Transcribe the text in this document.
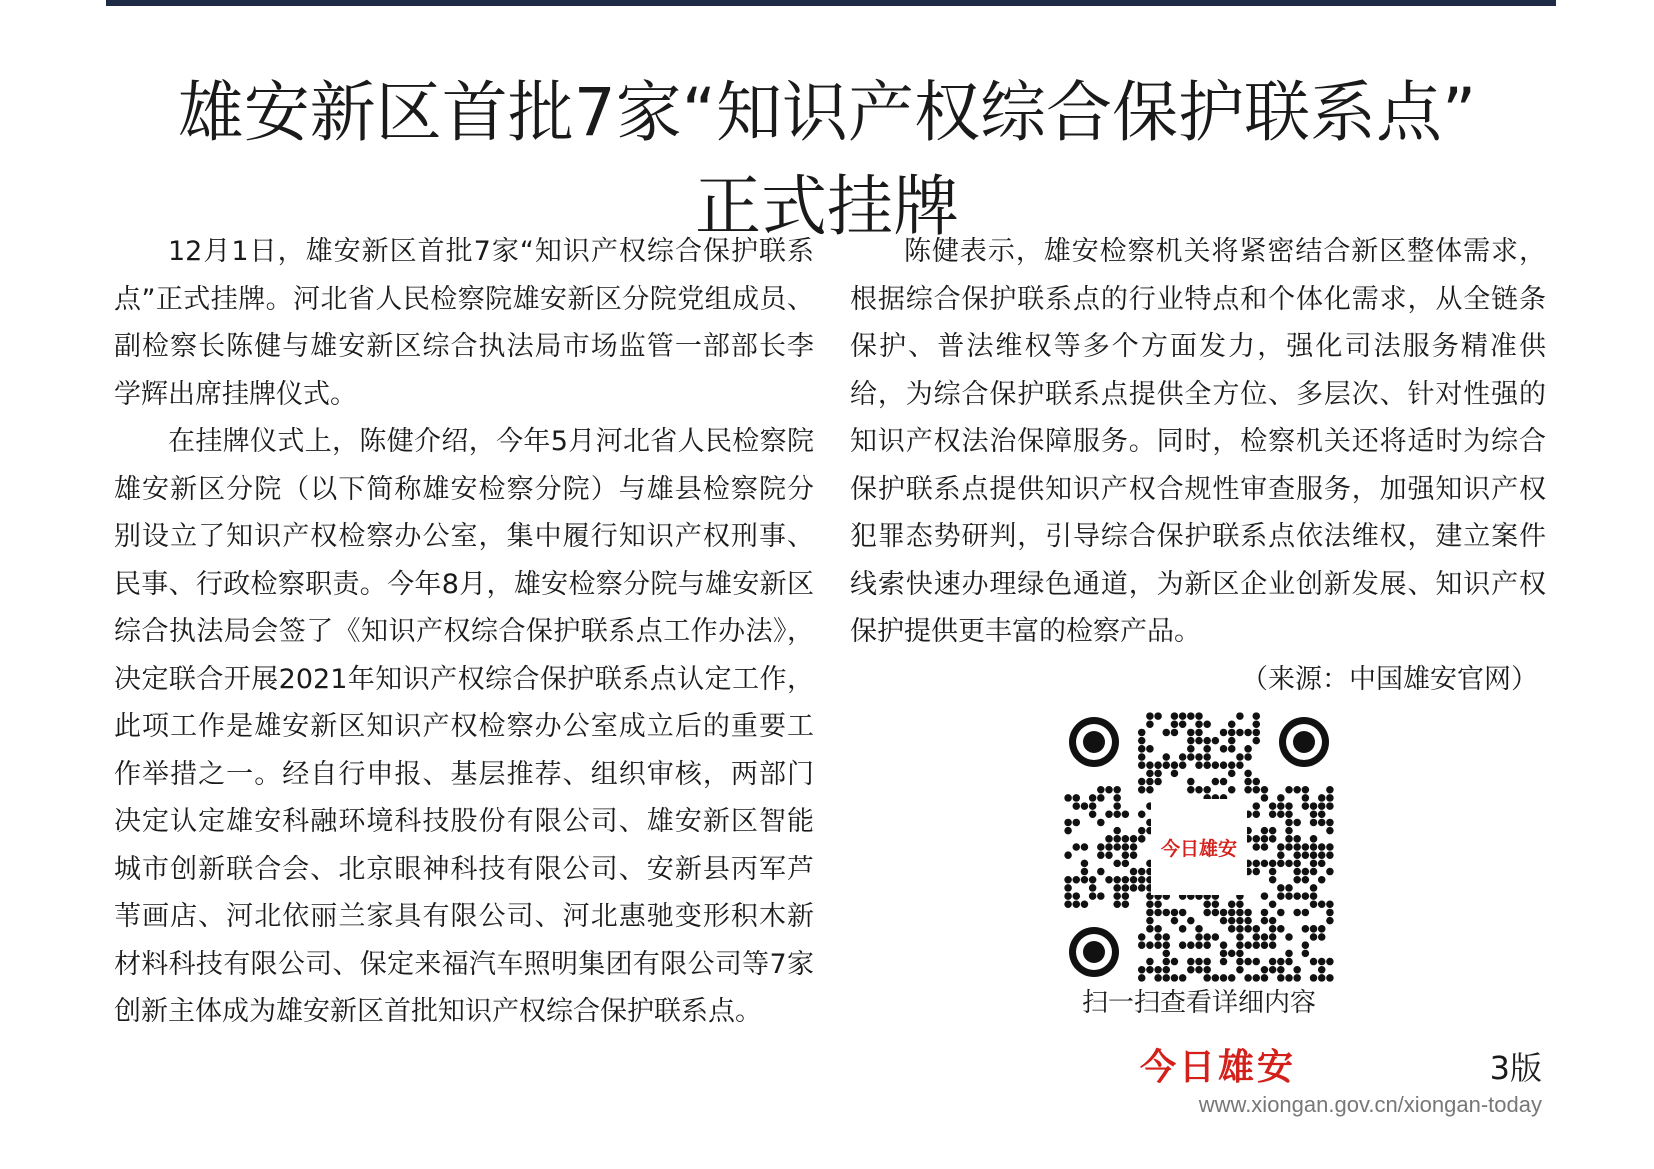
雄安新区首批7家“知识产权综合保护联系点”
正式挂牌

12月1日，雄安新区首批7家“知识产权综合保护联系点”正式挂牌。河北省人民检察院雄安新区分院党组成员、副检察长陈健与雄安新区综合执法局市场监管一部部长李学辉出席挂牌仪式。

在挂牌仪式上，陈健介绍，今年5月河北省人民检察院雄安新区分院（以下简称雄安检察分院）与雄县检察院分别设立了知识产权检察办公室，集中履行知识产权刑事、民事、行政检察职责。今年8月，雄安检察分院与雄安新区综合执法局会签了《知识产权综合保护联系点工作办法》，决定联合开展2021年知识产权综合保护联系点认定工作，此项工作是雄安新区知识产权检察办公室成立后的重要工作举措之一。经自行申报、基层推荐、组织审核，两部门决定认定雄安科融环境科技股份有限公司、雄安新区智能城市创新联合会、北京眼神科技有限公司、安新县丙军芦苇画店、河北依丽兰家具有限公司、河北惠驰变形积木新材料科技有限公司、保定来福汽车照明集团有限公司等7家创新主体成为雄安新区首批知识产权综合保护联系点。

陈健表示，雄安检察机关将紧密结合新区整体需求，根据综合保护联系点的行业特点和个体化需求，从全链条保护、普法维权等多个方面发力，强化司法服务精准供给，为综合保护联系点提供全方位、多层次、针对性强的知识产权法治保障服务。同时，检察机关还将适时为综合保护联系点提供知识产权合规性审查服务，加强知识产权犯罪态势研判，引导综合保护联系点依法维权，建立案件线索快速办理绿色通道，为新区企业创新发展、知识产权保护提供更丰富的检察产品。

（来源：中国雄安官网）
今日雄安
扫一扫查看详细内容
今日雄安	3版
www.xiongan.gov.cn/xiongan-today
